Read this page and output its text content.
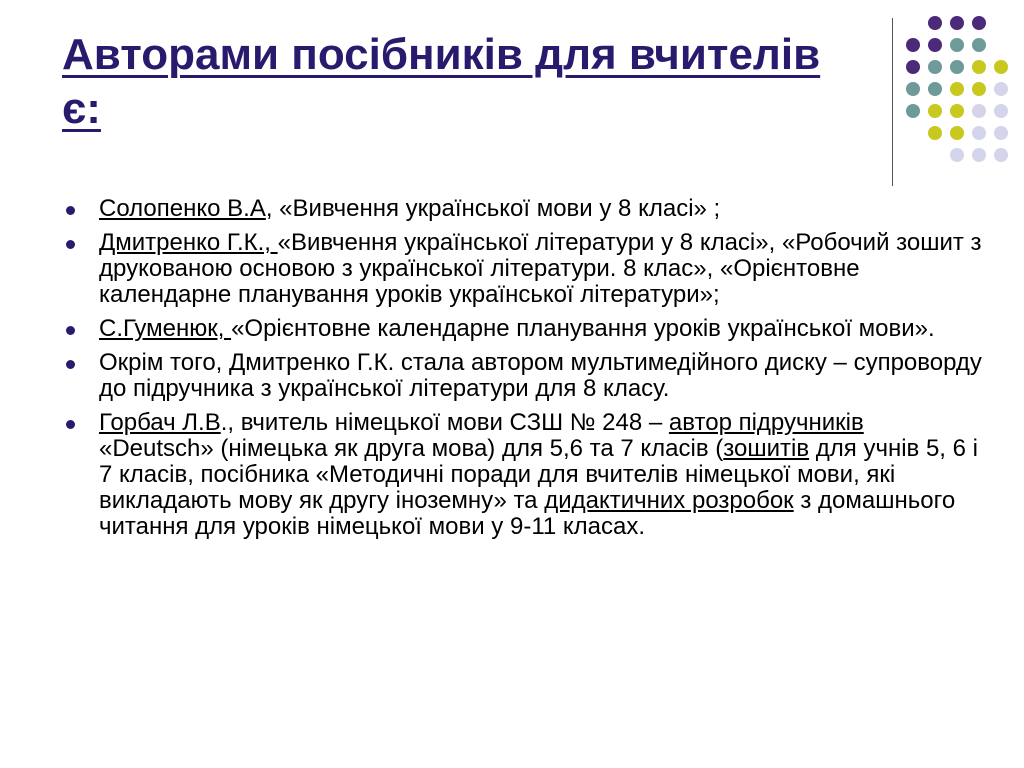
Авторами посібників для вчителів є:
Солопенко В.А, «Вивчення української мови у 8 класі» ;
Дмитренко Г.К., «Вивчення української літератури у 8 класі», «Робочий зошит з друкованою основою з української літератури. 8 клас», «Орієнтовне календарне планування уроків української літератури»;
С.Гуменюк, «Орієнтовне календарне планування уроків української мови».
Окрім того, Дмитренко Г.К. стала автором мультимедійного диску – супроворду до підручника з української літератури для 8 класу.
Горбач Л.В., вчитель німецької мови СЗШ № 248 – автор підручників «Deutsch» (німецька як друга мова) для 5,6 та 7 класів (зошитів для учнів 5, 6 і 7 класів, посібника «Методичні поради для вчителів німецької мови, які викладають мову як другу іноземну» та дидактичних розробок з домашнього читання для уроків німецької мови у 9-11 класах.
